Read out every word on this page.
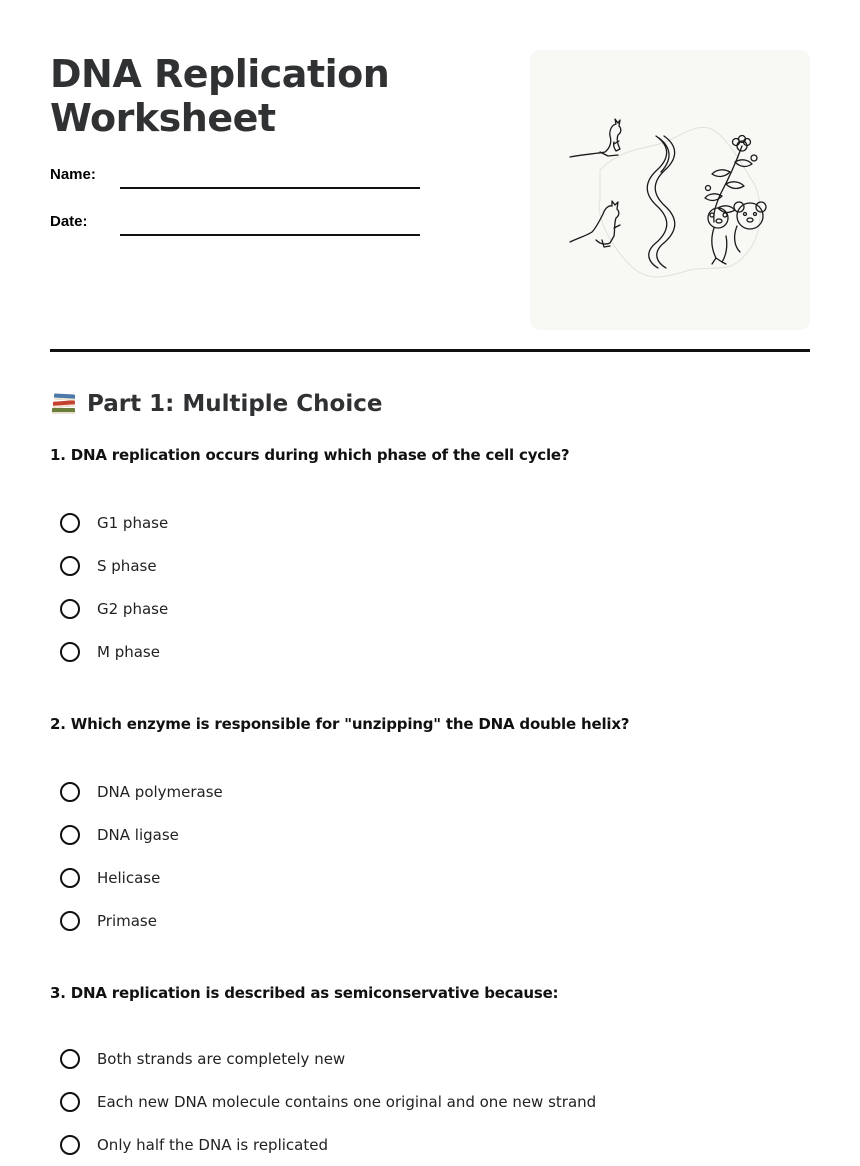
DNA Replication
Worksheet
Name:
Date:
Part 1: Multiple Choice

1. DNA replication occurs during which phase of the cell cycle?

G1 phase
S phase
G2 phase
M phase

2. Which enzyme is responsible for "unzipping" the DNA double helix?

DNA polymerase
DNA ligase
Helicase
Primase

3. DNA replication is described as semiconservative because:

Both strands are completely new
Each new DNA molecule contains one original and one new strand
Only half the DNA is replicated
